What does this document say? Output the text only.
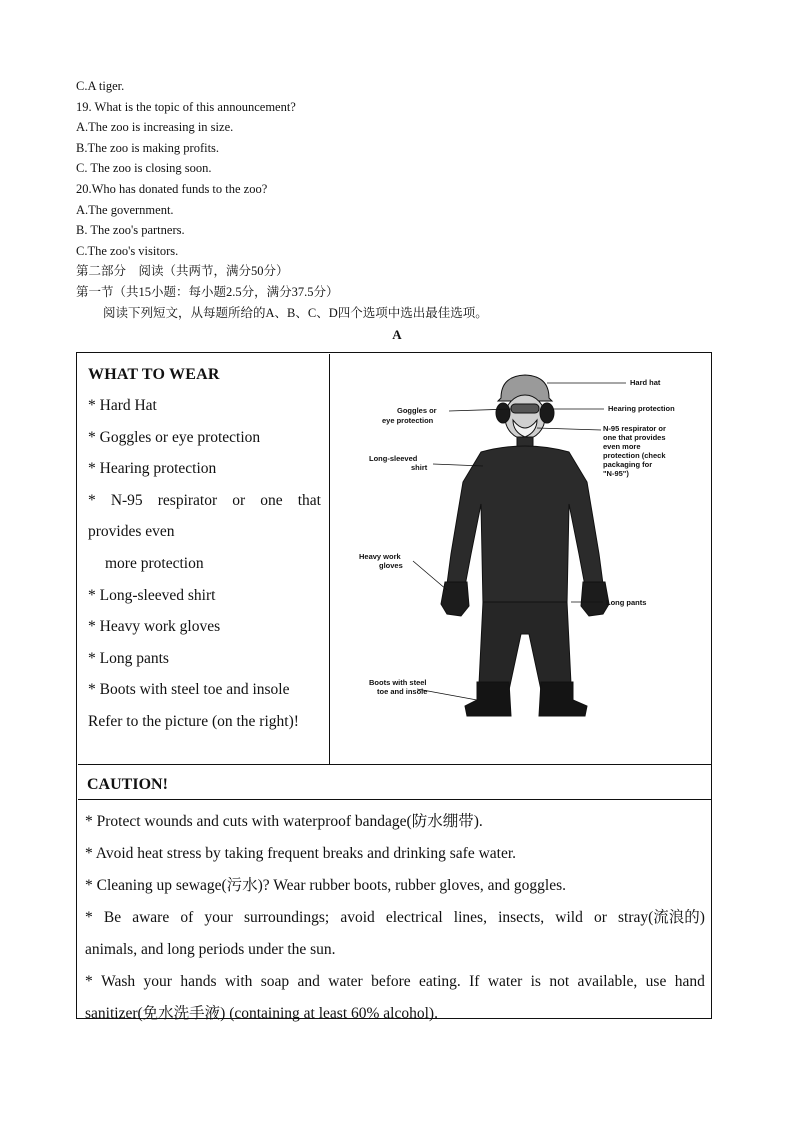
C.A tiger.
19. What is the topic of this announcement?
A.The zoo is increasing in size.
B.The zoo is making profits.
C. The zoo is closing soon.
20.Who has donated funds to the zoo?
A.The government.
B. The zoo's partners.
C.The zoo's visitors.
第二部分　阅读（共两节，满分50分）
第一节（共15小题：每小题2.5分，满分37.5分）
阅读下列短文，从每题所给的A、B、C、D四个选项中选出最佳选项。
A
WHAT TO WEAR
* Hard Hat
* Goggles or eye protection
* Hearing protection
* N-95 respirator or one that
provides even
more protection
* Long-sleeved shirt
* Heavy work gloves
* Long pants
* Boots with steel toe and insole
Refer to the picture (on the right)!
Hard hat
Goggles or
eye protection
Hearing protection
N-95 respirator or
one that provides
even more
protection (check
packaging for
"N-95")
Long-sleeved
shirt
Heavy work
gloves
Long pants
Boots with steel
toe and insole
CAUTION!
* Protect wounds and cuts with waterproof bandage(防水绷带).
* Avoid heat stress by taking frequent breaks and drinking safe water.
* Cleaning up sewage(污水)? Wear rubber boots, rubber gloves, and goggles.
* Be aware of your surroundings; avoid electrical lines, insects, wild or stray(流浪的)
animals, and long periods under the sun.
* Wash your hands with soap and water before eating. If water is not available, use hand
sanitizer(免水洗手液) (containing at least 60% alcohol).
